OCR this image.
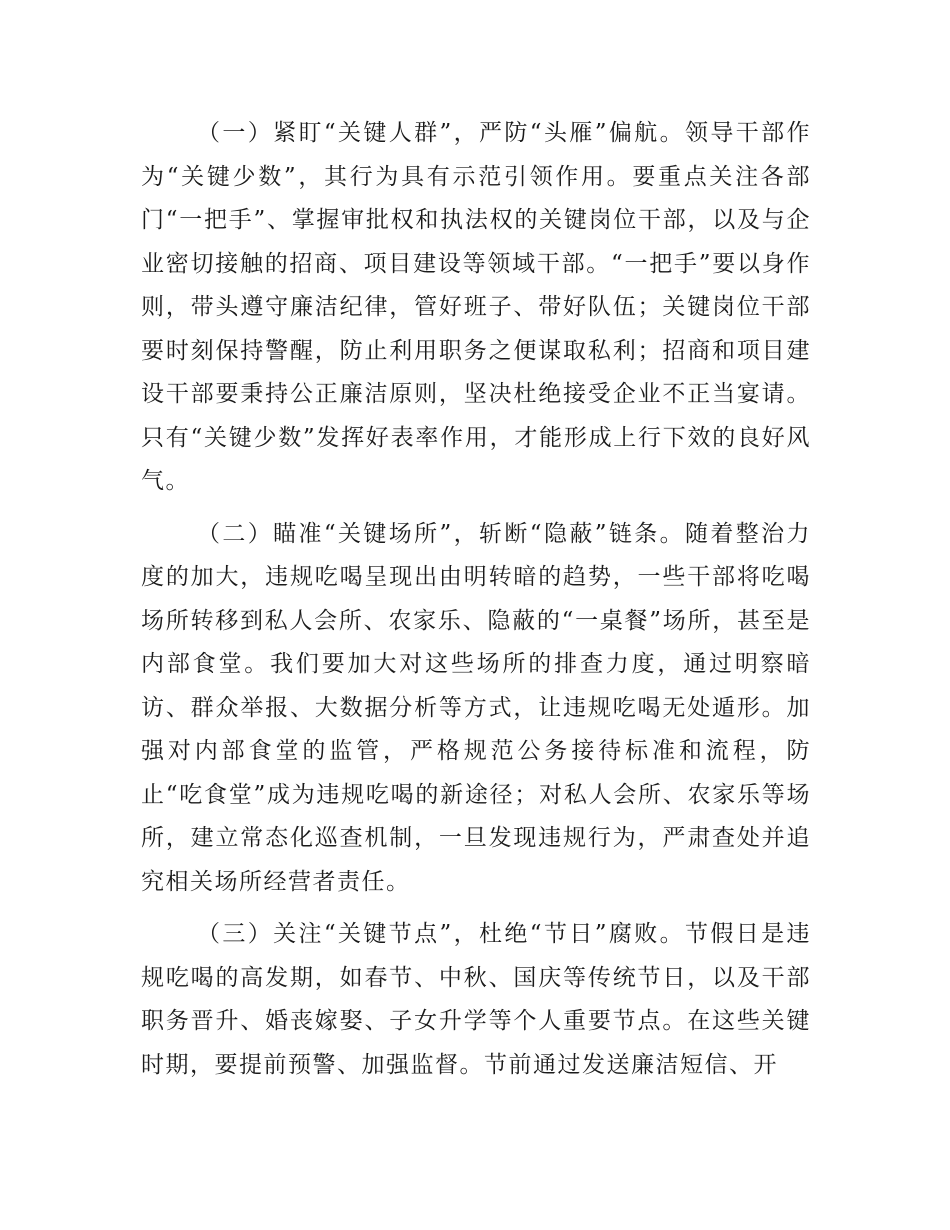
（一）紧盯“关键人群”，严防“头雁”偏航。领导干部作为“关键少数”，其行为具有示范引领作用。要重点关注各部门“一把手”、掌握审批权和执法权的关键岗位干部，以及与企业密切接触的招商、项目建设等领域干部。“一把手”要以身作则，带头遵守廉洁纪律，管好班子、带好队伍；关键岗位干部要时刻保持警醒，防止利用职务之便谋取私利；招商和项目建设干部要秉持公正廉洁原则，坚决杜绝接受企业不正当宴请。只有“关键少数”发挥好表率作用，才能形成上行下效的良好风气。

（二）瞄准“关键场所”，斩断“隐蔽”链条。随着整治力度的加大，违规吃喝呈现出由明转暗的趋势，一些干部将吃喝场所转移到私人会所、农家乐、隐蔽的“一桌餐”场所，甚至是内部食堂。我们要加大对这些场所的排查力度，通过明察暗访、群众举报、大数据分析等方式，让违规吃喝无处遁形。加强对内部食堂的监管，严格规范公务接待标准和流程，防止“吃食堂”成为违规吃喝的新途径；对私人会所、农家乐等场所，建立常态化巡查机制，一旦发现违规行为，严肃查处并追究相关场所经营者责任。

（三）关注“关键节点”，杜绝“节日”腐败。节假日是违规吃喝的高发期，如春节、中秋、国庆等传统节日，以及干部职务晋升、婚丧嫁娶、子女升学等个人重要节点。在这些关键时期，要提前预警、加强监督。节前通过发送廉洁短信、开
